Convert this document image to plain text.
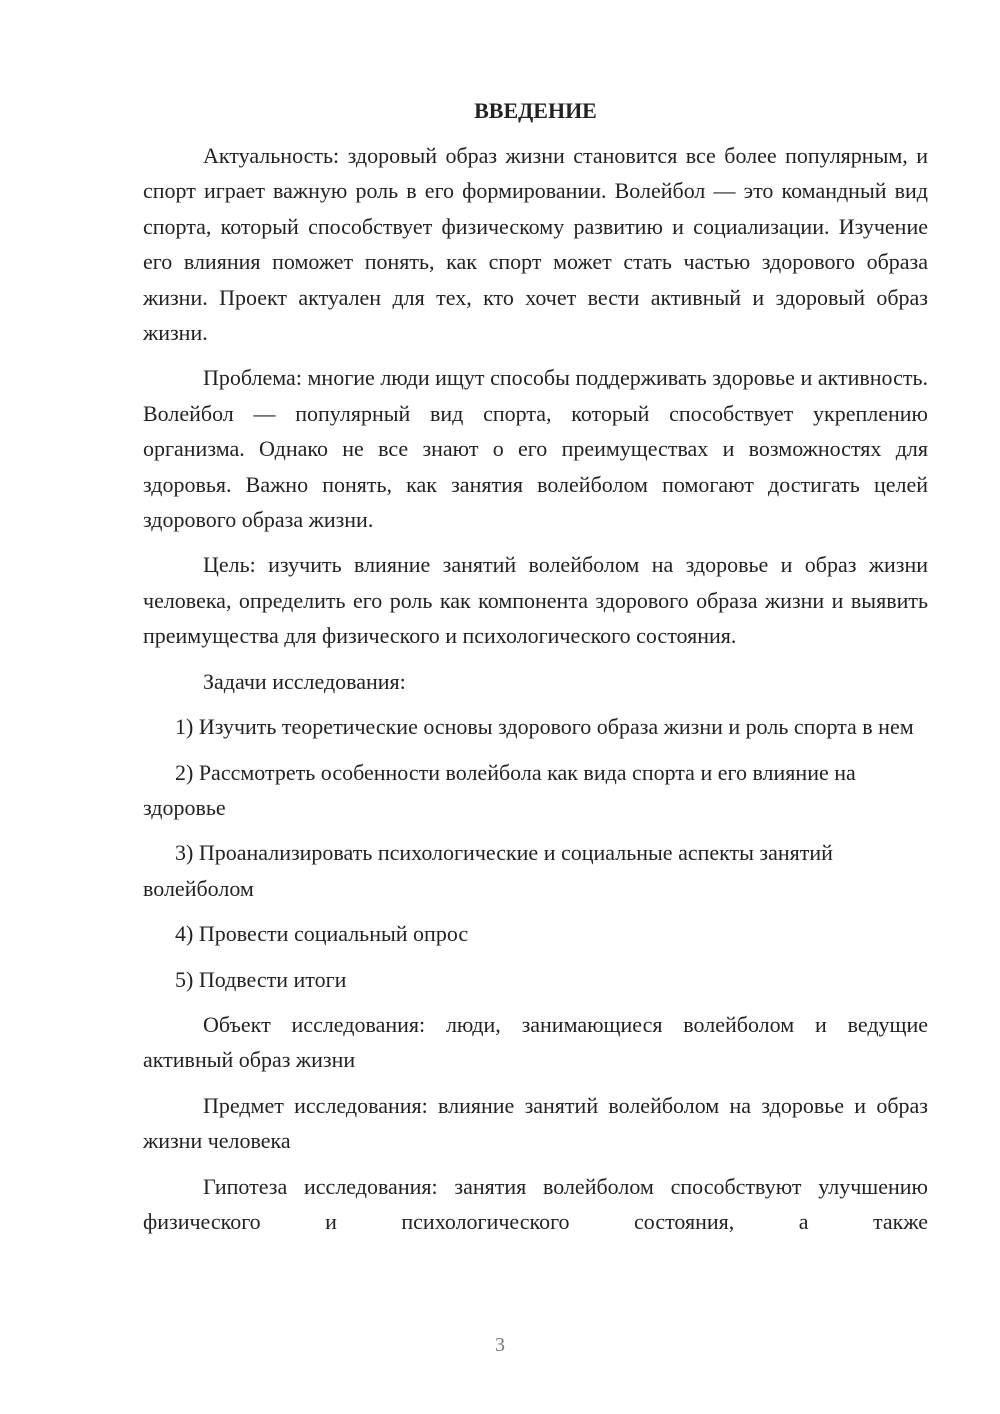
ВВЕДЕНИЕ

Актуальность: здоровый образ жизни становится все более популярным, и спорт играет важную роль в его формировании. Волейбол — это командный вид спорта, который способствует физическому развитию и социализации. Изучение его влияния поможет понять, как спорт может стать частью здорового образа жизни. Проект актуален для тех, кто хочет вести активный и здоровый образ жизни.

Проблема: многие люди ищут способы поддерживать здоровье и активность. Волейбол — популярный вид спорта, который способствует укреплению организма. Однако не все знают о его преимуществах и возможностях для здоровья. Важно понять, как занятия волейболом помогают достигать целей здорового образа жизни.

Цель: изучить влияние занятий волейболом на здоровье и образ жизни человека, определить его роль как компонента здорового образа жизни и выявить преимущества для физического и психологического состояния.

Задачи исследования:

1) Изучить теоретические основы здорового образа жизни и роль спорта в нем

2) Рассмотреть особенности волейбола как вида спорта и его влияние на здоровье

3) Проанализировать психологические и социальные аспекты занятий волейболом

4) Провести социальный опрос

5) Подвести итоги

Объект исследования: люди, занимающиеся волейболом и ведущие активный образ жизни

Предмет исследования: влияние занятий волейболом на здоровье и образ жизни человека

Гипотеза исследования: занятия волейболом способствуют улучшению физического и психологического состояния, а также

3
